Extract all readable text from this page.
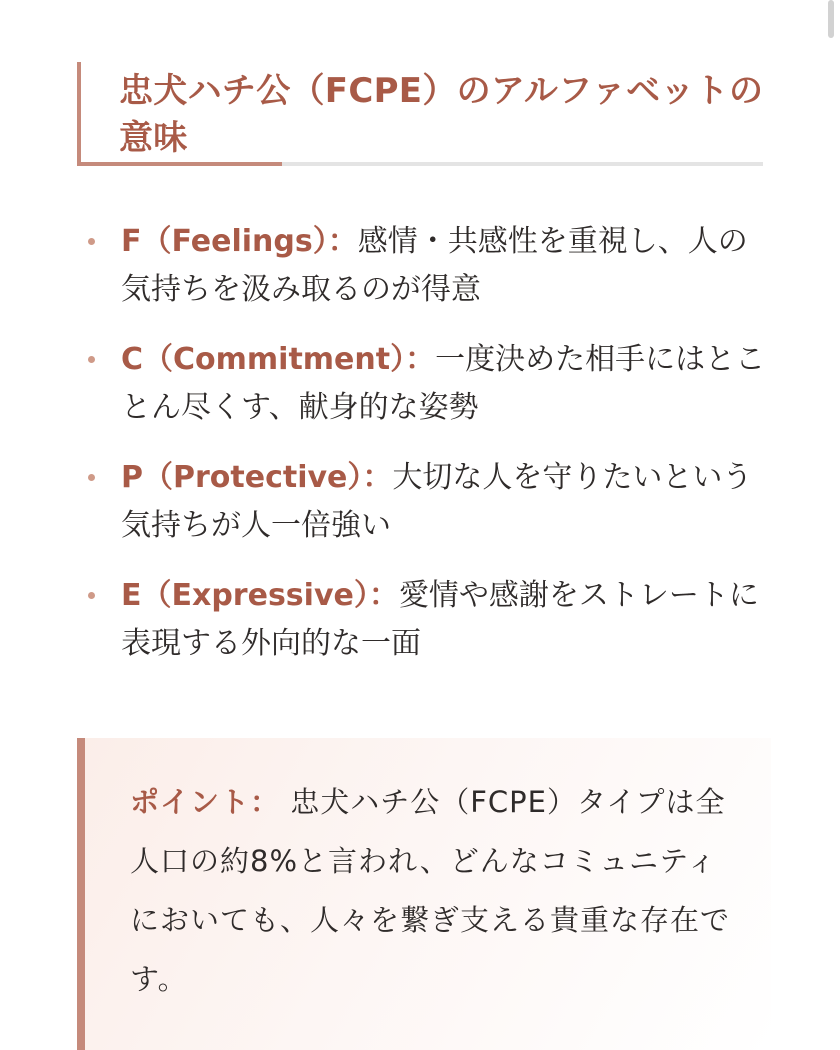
忠犬ハチ公（FCPE）のアルファベットの意味
F（Feelings）：感情・共感性を重視し、人の気持ちを汲み取るのが得意
C（Commitment）：一度決めた相手にはとことん尽くす、献身的な姿勢
P（Protective）：大切な人を守りたいという気持ちが人一倍強い
E（Expressive）：愛情や感謝をストレートに表現する外向的な一面

ポイント： 忠犬ハチ公（FCPE）タイプは全人口の約8%と言われ、どんなコミュニティにおいても、人々を繋ぎ支える貴重な存在です。
